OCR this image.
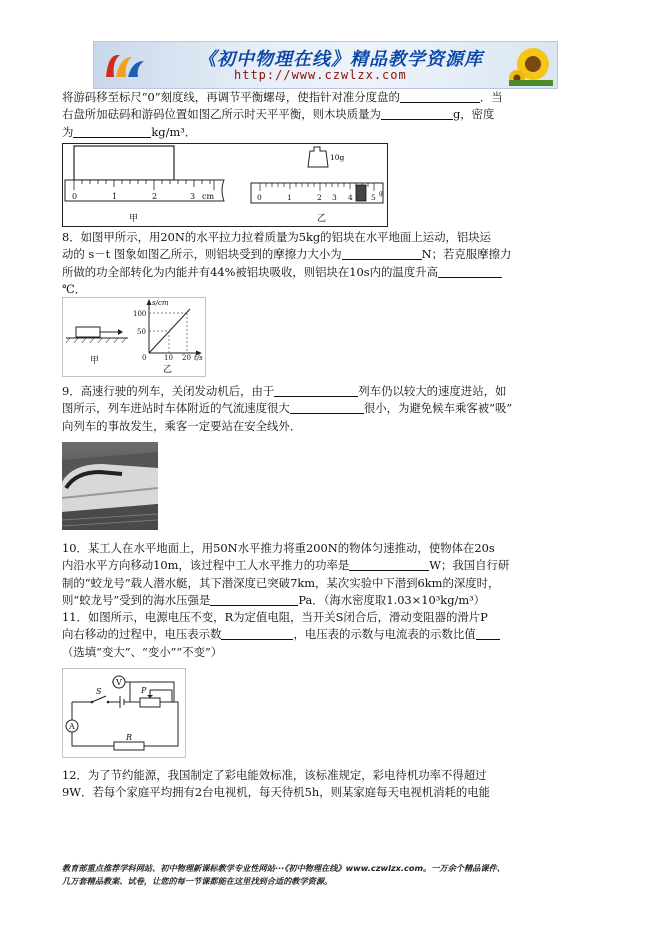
《初中物理在线》精品教学资源库
http://www.czwlzx.com
将游码移至标尺“0”刻度线，再调节平衡螺母，使指针对准分度盘的	．当
右盘所加砝码和游码位置如图乙所示时天平平衡，则木块质量为	g，密度
为	kg/m³．
0	1	2	3 cm
甲
10g
0	1	2 3 4 5 g
乙
8．如图甲所示，用20N的水平拉力拉着质量为5kg的铝块在水平地面上运动，铝块运
动的 s－t 图象如图乙所示，则铝块受到的摩擦力大小为	N；若克服摩擦力
所做的功全部转化为内能并有44%被铝块吸收，则铝块在10s内的温度升高
℃．
甲
s/cm
100
50
0	10 20 t/s
乙
9．高速行驶的列车，关闭发动机后，由于	列车仍以较大的速度进站，如
图所示，列车进站时车体附近的气流速度很大	很小，为避免候车乘客被“吸”
向列车的事故发生，乘客一定要站在安全线外．
10．某工人在水平地面上，用50N水平推力将重200N的物体匀速推动，使物体在20s
内沿水平方向移动10m，该过程中工人水平推力的功率是	W；我国自行研
制的“蛟龙号”载人潜水艇，其下潜深度已突破7km，某次实验中下潜到6km的深度时，
则“蛟龙号”受到的海水压强是	Pa．（海水密度取1.03×10³kg/m³）
11．如图所示，电源电压不变，R为定值电阻，当开关S闭合后，滑动变阻器的滑片P
向右移动的过程中，电压表示数	，电压表的示数与电流表的示数比值
（选填“变大”、“变小”“不变”）
V
A
S	P
R
12．为了节约能源，我国制定了彩电能效标准，该标准规定，彩电待机功率不得超过
9W．若每个家庭平均拥有2台电视机，每天待机5h，则某家庭每天电视机消耗的电能
教育部重点推荐学科网站、初中物理新课标教学专业性网站···《初中物理在线》www.czwlzx.com。一万余个精品课件、
几万套精品教案、试卷，让您的每一节课都能在这里找到合适的教学资源。
